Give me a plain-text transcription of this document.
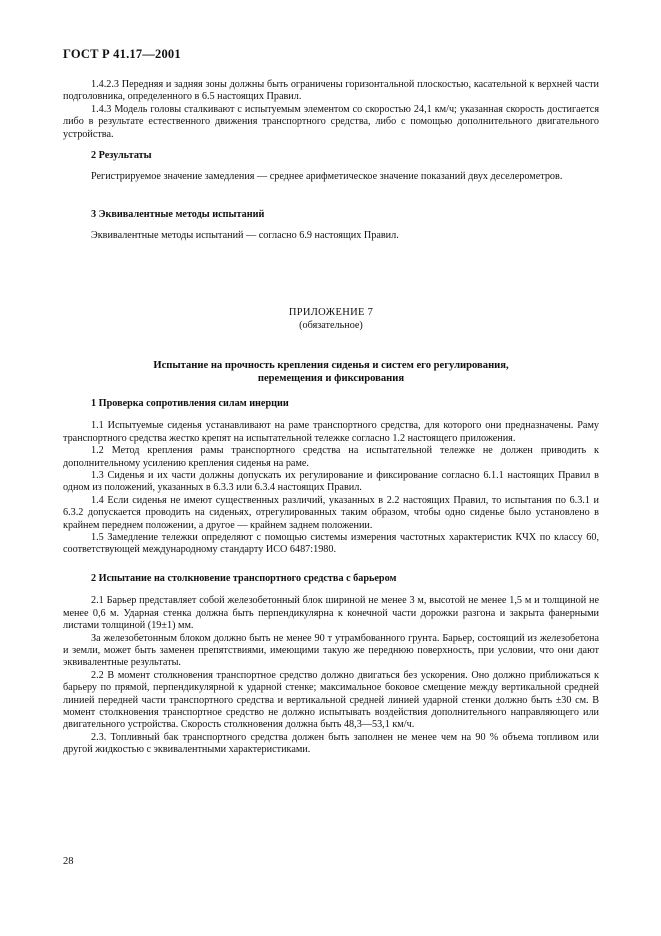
ГОСТ Р 41.17—2001

1.4.2.3 Передняя и задняя зоны должны быть ограничены горизонтальной плоскостью, касательной к верхней части подголовника, определенного в 6.5 настоящих Правил.

1.4.3 Модель головы сталкивают с испытуемым элементом со скоростью 24,1 км/ч; указанная скорость достигается либо в результате естественного движения транспортного средства, либо с помощью дополнительного двигательного устройства.

2 Результаты

Регистрируемое значение замедления — среднее арифметическое значение показаний двух деселерометров.

3 Эквивалентные методы испытаний

Эквивалентные методы испытаний — согласно 6.9 настоящих Правил.

ПРИЛОЖЕНИЕ 7
(обязательное)
Испытание на прочность крепления сиденья и систем его регулирования,
перемещения и фиксирования
1 Проверка сопротивления силам инерции

1.1 Испытуемые сиденья устанавливают на раме транспортного средства, для которого они предназначены. Раму транспортного средства жестко крепят на испытательной тележке согласно 1.2 настоящего приложения.

1.2 Метод крепления рамы транспортного средства на испытательной тележке не должен приводить к дополнительному усилению крепления сиденья на раме.

1.3 Сиденья и их части должны допускать их регулирование и фиксирование согласно 6.1.1 настоящих Правил в одном из положений, указанных в 6.3.3 или 6.3.4 настоящих Правил.

1.4 Если сиденья не имеют существенных различий, указанных в 2.2 настоящих Правил, то испытания по 6.3.1 и 6.3.2 допускается проводить на сиденьях, отрегулированных таким образом, чтобы одно сиденье было установлено в крайнем переднем положении, а другое — крайнем заднем положении.

1.5 Замедление тележки определяют с помощью системы измерения частотных характеристик КЧХ по классу 60, соответствующей международному стандарту ИСО 6487:1980.

2 Испытание на столкновение транспортного средства с барьером

2.1 Барьер представляет собой железобетонный блок шириной не менее 3 м, высотой не менее 1,5 м и толщиной не менее 0,6 м. Ударная стенка должна быть перпендикулярна к конечной части дорожки разгона и закрыта фанерными листами толщиной (19±1) мм.

За железобетонным блоком должно быть не менее 90 т утрамбованного грунта. Барьер, состоящий из железобетона и земли, может быть заменен препятствиями, имеющими такую же переднюю поверхность, при условии, что они дают эквивалентные результаты.

2.2 В момент столкновения транспортное средство должно двигаться без ускорения. Оно должно приближаться к барьеру по прямой, перпендикулярной к ударной стенке; максимальное боковое смещение между вертикальной средней линией передней части транспортного средства и вертикальной средней линией ударной стенки должно быть ±30 см. В момент столкновения транспортное средство не должно испытывать воздействия дополнительного направляющего или двигательного устройства. Скорость столкновения должна быть 48,3—53,1 км/ч.

2.3. Топливный бак транспортного средства должен быть заполнен не менее чем на 90 % объема топливом или другой жидкостью с эквивалентными характеристиками.

28
